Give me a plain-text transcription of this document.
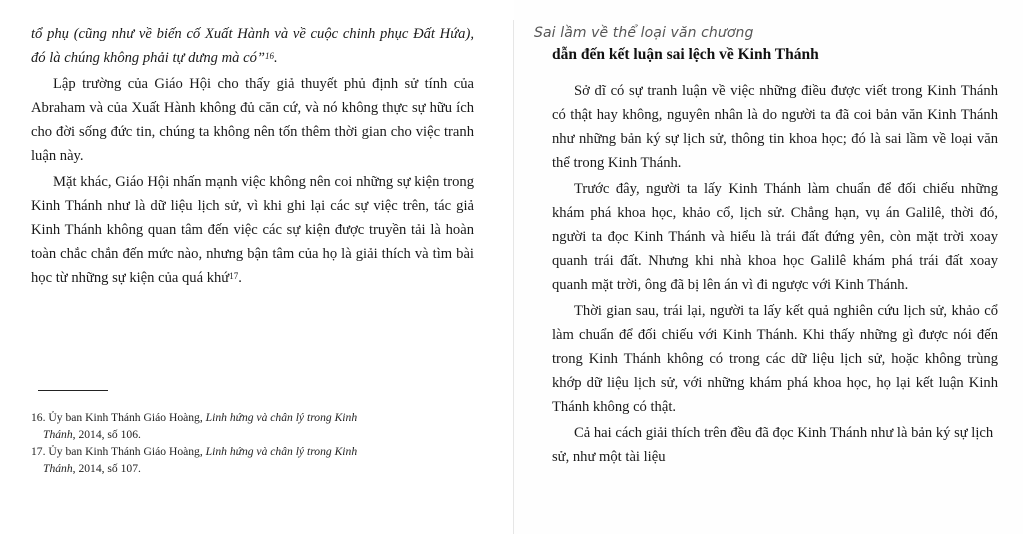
tổ phụ (cũng như về biến cố Xuất Hành và về cuộc chinh phục Đất Hứa), đó là chúng không phải tự dưng mà có”$^{16}$.

Lập trường của Giáo Hội cho thấy giả thuyết phủ định sử tính của Abraham và của Xuất Hành không đủ căn cứ, và nó không thực sự hữu ích cho đời sống đức tin, chúng ta không nên tốn thêm thời gian cho việc tranh luận này.

Mặt khác, Giáo Hội nhấn mạnh việc không nên coi những sự kiện trong Kinh Thánh như là dữ liệu lịch sử, vì khi ghi lại các sự việc trên, tác giả Kinh Thánh không quan tâm đến việc các sự kiện được truyền tải là hoàn toàn chắc chắn đến mức nào, nhưng bận tâm của họ là giải thích và tìm bài học từ những sự kiện của quá khứ$^{17}$.

16. Ủy ban Kinh Thánh Giáo Hoàng, Linh hứng và chân lý trong Kinh Thánh, 2014, số 106.

17. Ủy ban Kinh Thánh Giáo Hoàng, Linh hứng và chân lý trong Kinh Thánh, 2014, số 107.

Sai lầm về thể loại văn chương
dẫn đến kết luận sai lệch về Kinh Thánh

Sở dĩ có sự tranh luận về việc những điều được viết trong Kinh Thánh có thật hay không, nguyên nhân là do người ta đã coi bản văn Kinh Thánh như những bản ký sự lịch sử, thông tin khoa học; đó là sai lầm về loại văn thể trong Kinh Thánh.

Trước đây, người ta lấy Kinh Thánh làm chuẩn để đối chiếu những khám phá khoa học, khảo cổ, lịch sử. Chẳng hạn, vụ án Galilê, thời đó, người ta đọc Kinh Thánh và hiểu là trái đất đứng yên, còn mặt trời xoay quanh trái đất. Nhưng khi nhà khoa học Galilê khám phá trái đất xoay quanh mặt trời, ông đã bị lên án vì đi ngược với Kinh Thánh.

Thời gian sau, trái lại, người ta lấy kết quả nghiên cứu lịch sử, khảo cổ làm chuẩn để đối chiếu với Kinh Thánh. Khi thấy những gì được nói đến trong Kinh Thánh không có trong các dữ liệu lịch sử, hoặc không trùng khớp dữ liệu lịch sử, với những khám phá khoa học, họ lại kết luận Kinh Thánh không có thật.

Cả hai cách giải thích trên đều đã đọc Kinh Thánh như là bản ký sự lịch sử, như một tài liệu
